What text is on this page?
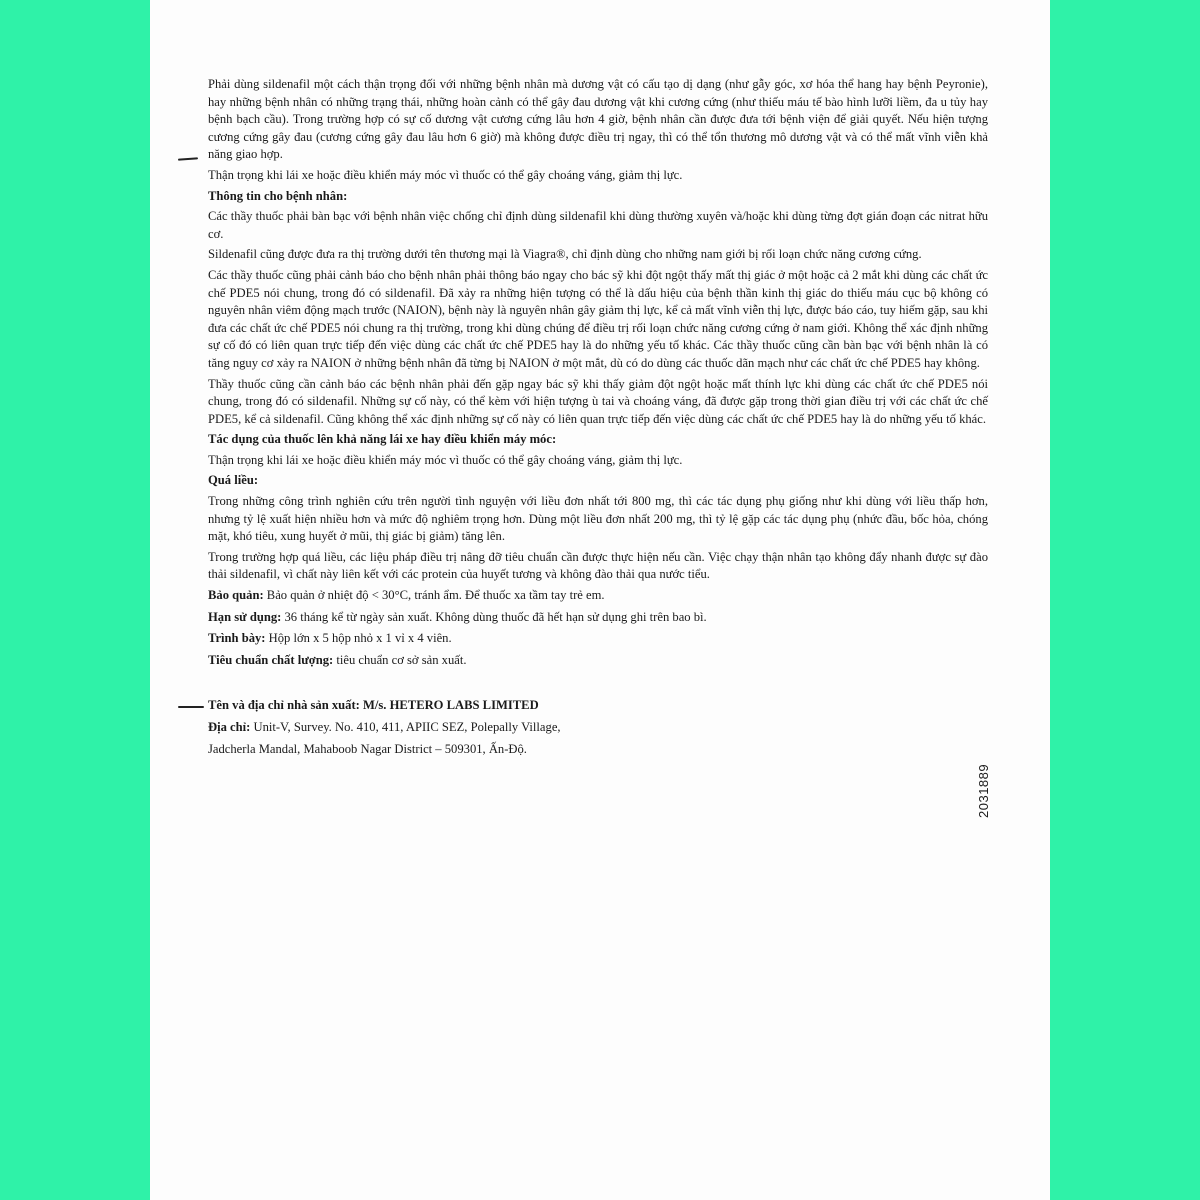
Phải dùng sildenafil một cách thận trọng đối với những bệnh nhân mà dương vật có cấu tạo dị dạng (như gẫy góc, xơ hóa thể hang hay bệnh Peyronie), hay những bệnh nhân có những trạng thái, những hoàn cảnh có thể gây đau dương vật khi cương cứng (như thiếu máu tế bào hình lưỡi liềm, đa u tủy hay bệnh bạch cầu). Trong trường hợp có sự cố dương vật cương cứng lâu hơn 4 giờ, bệnh nhân cần được đưa tới bệnh viện để giải quyết. Nếu hiện tượng cương cứng gây đau (cương cứng gây đau lâu hơn 6 giờ) mà không được điều trị ngay, thì có thể tổn thương mô dương vật và có thể mất vĩnh viễn khả năng giao hợp.

Thận trọng khi lái xe hoặc điều khiển máy móc vì thuốc có thể gây choáng váng, giảm thị lực.

Thông tin cho bệnh nhân:

Các thầy thuốc phải bàn bạc với bệnh nhân việc chống chỉ định dùng sildenafil khi dùng thường xuyên và/hoặc khi dùng từng đợt gián đoạn các nitrat hữu cơ.

Sildenafil cũng được đưa ra thị trường dưới tên thương mại là Viagra®, chỉ định dùng cho những nam giới bị rối loạn chức năng cương cứng.

Các thầy thuốc cũng phải cảnh báo cho bệnh nhân phải thông báo ngay cho bác sỹ khi đột ngột thấy mất thị giác ở một hoặc cả 2 mắt khi dùng các chất ức chế PDE5 nói chung, trong đó có sildenafil. Đã xảy ra những hiện tượng có thể là dấu hiệu của bệnh thần kinh thị giác do thiếu máu cục bộ không có nguyên nhân viêm động mạch trước (NAION), bệnh này là nguyên nhân gây giảm thị lực, kể cả mất vĩnh viễn thị lực, được báo cáo, tuy hiếm gặp, sau khi đưa các chất ức chế PDE5 nói chung ra thị trường, trong khi dùng chúng để điều trị rối loạn chức năng cương cứng ở nam giới. Không thể xác định những sự cố đó có liên quan trực tiếp đến việc dùng các chất ức chế PDE5 hay là do những yếu tố khác. Các thầy thuốc cũng cần bàn bạc với bệnh nhân là có tăng nguy cơ xảy ra NAION ở những bệnh nhân đã từng bị NAION ở một mắt, dù có do dùng các thuốc dãn mạch như các chất ức chế PDE5 hay không.

Thầy thuốc cũng cần cảnh báo các bệnh nhân phải đến gặp ngay bác sỹ khi thấy giảm đột ngột hoặc mất thính lực khi dùng các chất ức chế PDE5 nói chung, trong đó có sildenafil. Những sự cố này, có thể kèm với hiện tượng ù tai và choáng váng, đã được gặp trong thời gian điều trị với các chất ức chế PDE5, kể cả sildenafil. Cũng không thể xác định những sự cố này có liên quan trực tiếp đến việc dùng các chất ức chế PDE5 hay là do những yếu tố khác.

Tác dụng của thuốc lên khả năng lái xe hay điều khiển máy móc:

Thận trọng khi lái xe hoặc điều khiển máy móc vì thuốc có thể gây choáng váng, giảm thị lực.

Quá liều:

Trong những công trình nghiên cứu trên người tình nguyện với liều đơn nhất tới 800 mg, thì các tác dụng phụ giống như khi dùng với liều thấp hơn, nhưng tỷ lệ xuất hiện nhiều hơn và mức độ nghiêm trọng hơn. Dùng một liều đơn nhất 200 mg, thì tỷ lệ gặp các tác dụng phụ (nhức đầu, bốc hỏa, chóng mặt, khó tiêu, xung huyết ở mũi, thị giác bị giảm) tăng lên.

Trong trường hợp quá liều, các liệu pháp điều trị nâng đỡ tiêu chuẩn cần được thực hiện nếu cần. Việc chạy thận nhân tạo không đẩy nhanh được sự đào thải sildenafil, vì chất này liên kết với các protein của huyết tương và không đào thải qua nước tiểu.

Bảo quản: Bảo quản ở nhiệt độ < 30°C, tránh ẩm. Để thuốc xa tầm tay trẻ em.

Hạn sử dụng: 36 tháng kể từ ngày sản xuất. Không dùng thuốc đã hết hạn sử dụng ghi trên bao bì.

Trình bày: Hộp lớn x 5 hộp nhỏ x 1 vỉ x 4 viên.

Tiêu chuẩn chất lượng: tiêu chuẩn cơ sở sản xuất.

Tên và địa chỉ nhà sản xuất: M/s. HETERO LABS LIMITED

Địa chỉ: Unit-V, Survey. No. 410, 411, APIIC SEZ, Polepally Village,

Jadcherla Mandal, Mahaboob Nagar District – 509301, Ấn-Độ.

2031889
